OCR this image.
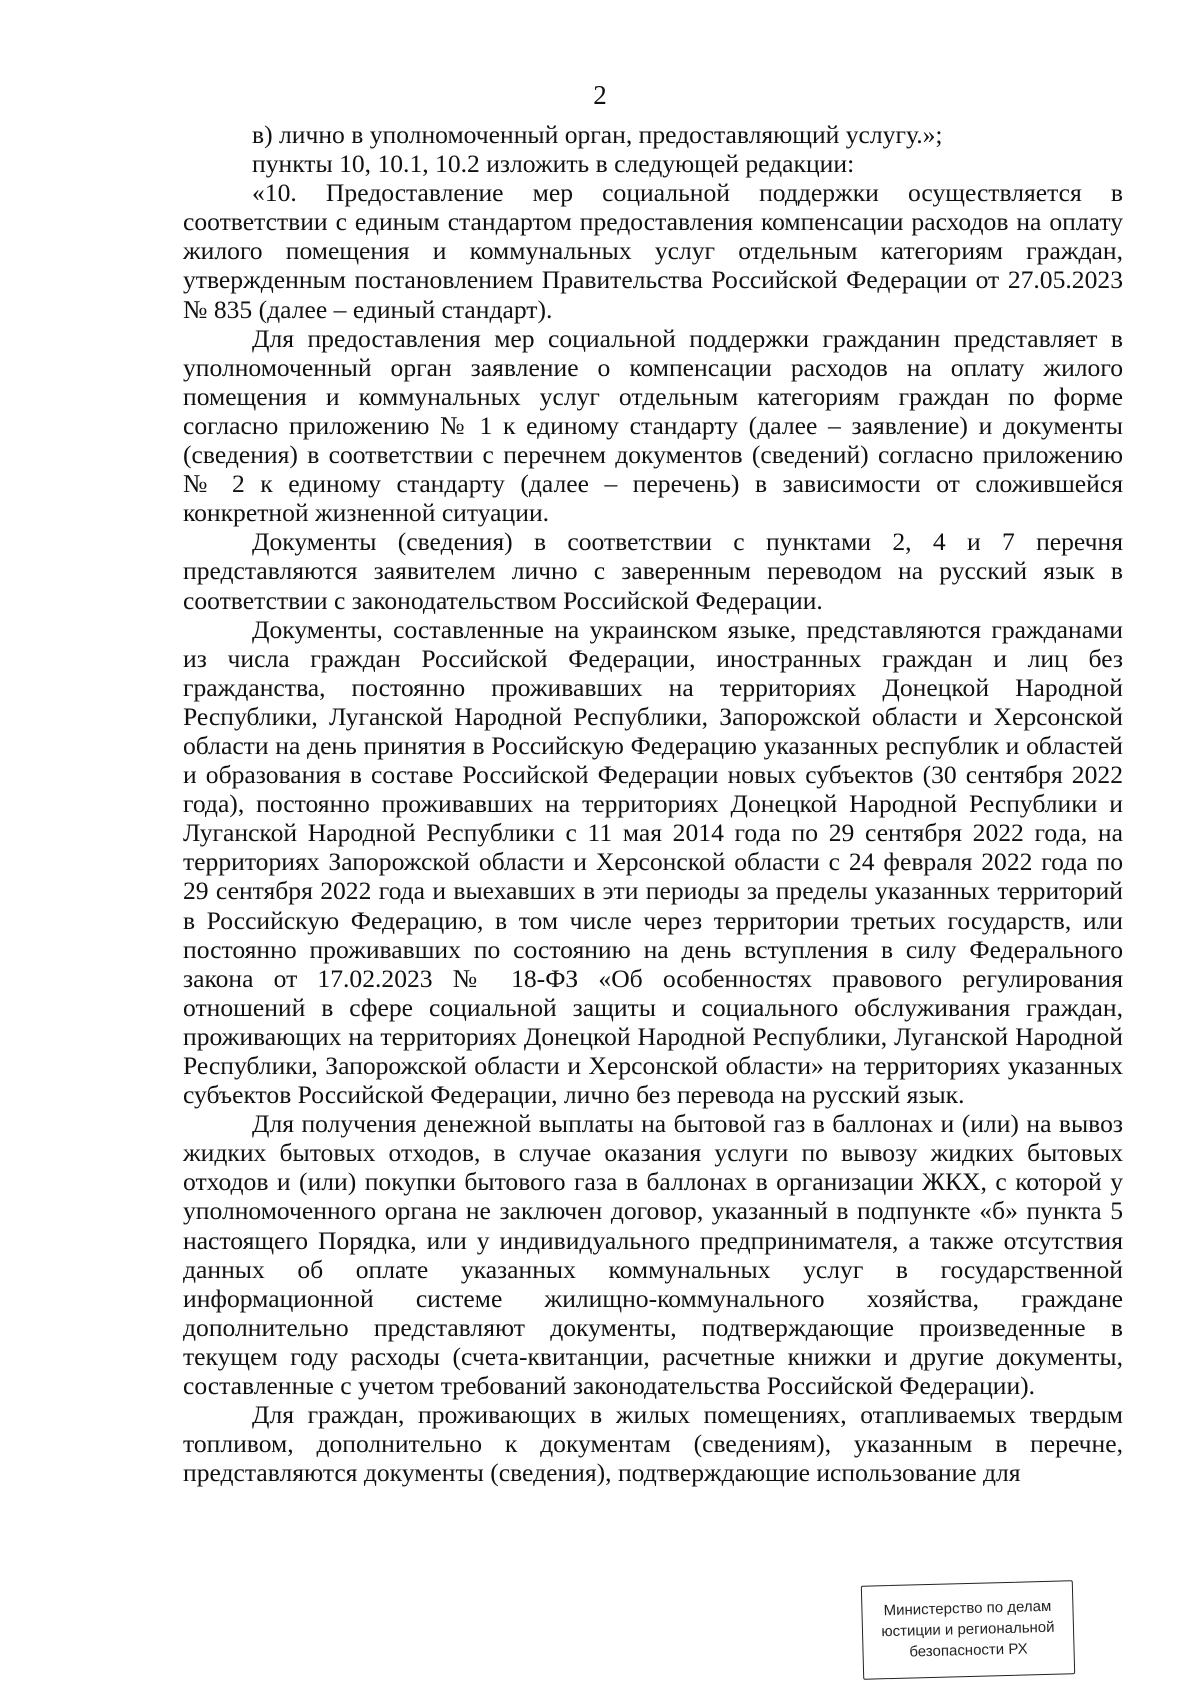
2

в) лично в уполномоченный орган, предоставляющий услугу.»;

пункты 10, 10.1, 10.2 изложить в следующей редакции:

«10. Предоставление мер социальной поддержки осуществляется в соответствии с единым стандартом предоставления компенсации расходов на оплату жилого помещения и коммунальных услуг отдельным категориям граждан, утвержденным постановлением Правительства Российской Федерации от 27.05.2023 № 835 (далее – единый стандарт).

Для предоставления мер социальной поддержки гражданин представляет в уполномоченный орган заявление о компенсации расходов на оплату жилого помещения и коммунальных услуг отдельным категориям граждан по форме согласно приложению № 1 к единому стандарту (далее – заявление) и документы (сведения) в соответствии с перечнем документов (сведений) согласно приложению № 2 к единому стандарту (далее – перечень) в зависимости от сложившейся конкретной жизненной ситуации.

Документы (сведения) в соответствии с пунктами 2, 4 и 7 перечня представляются заявителем лично с заверенным переводом на русский язык в соответствии с законодательством Российской Федерации.

Документы, составленные на украинском языке, представляются гражданами из числа граждан Российской Федерации, иностранных граждан и лиц без гражданства, постоянно проживавших на территориях Донецкой Народной Республики, Луганской Народной Республики, Запорожской области и Херсонской области на день принятия в Российскую Федерацию указанных республик и областей и образования в составе Российской Федерации новых субъектов (30 сентября 2022 года), постоянно проживавших на территориях Донецкой Народной Республики и Луганской Народной Республики с 11 мая 2014 года по 29 сентября 2022 года, на территориях Запорожской области и Херсонской области с 24 февраля 2022 года по 29 сентября 2022 года и выехавших в эти периоды за пределы указанных территорий в Российскую Федерацию, в том числе через территории третьих государств, или постоянно проживавших по состоянию на день вступления в силу Федерального закона от 17.02.2023 № 18-ФЗ «Об особенностях правового регулирования отношений в сфере социальной защиты и социального обслуживания граждан, проживающих на территориях Донецкой Народной Республики, Луганской Народной Республики, Запорожской области и Херсонской области» на территориях указанных субъектов Российской Федерации, лично без перевода на русский язык.

Для получения денежной выплаты на бытовой газ в баллонах и (или) на вывоз жидких бытовых отходов, в случае оказания услуги по вывозу жидких бытовых отходов и (или) покупки бытового газа в баллонах в организации ЖКХ, с которой у уполномоченного органа не заключен договор, указанный в подпункте «б» пункта 5 настоящего Порядка, или у индивидуального предпринимателя, а также отсутствия данных об оплате указанных коммунальных услуг в государственной информационной системе жилищно-коммунального хозяйства, граждане дополнительно представляют документы, подтверждающие произведенные в текущем году расходы (счета-квитанции, расчетные книжки и другие документы, составленные с учетом требований законодательства Российской Федерации).

Для граждан, проживающих в жилых помещениях, отапливаемых твердым топливом, дополнительно к документам (сведениям), указанным в перечне, представляются документы (сведения), подтверждающие использование для

Министерство по делам
юстиции и региональной
безопасности РХ
